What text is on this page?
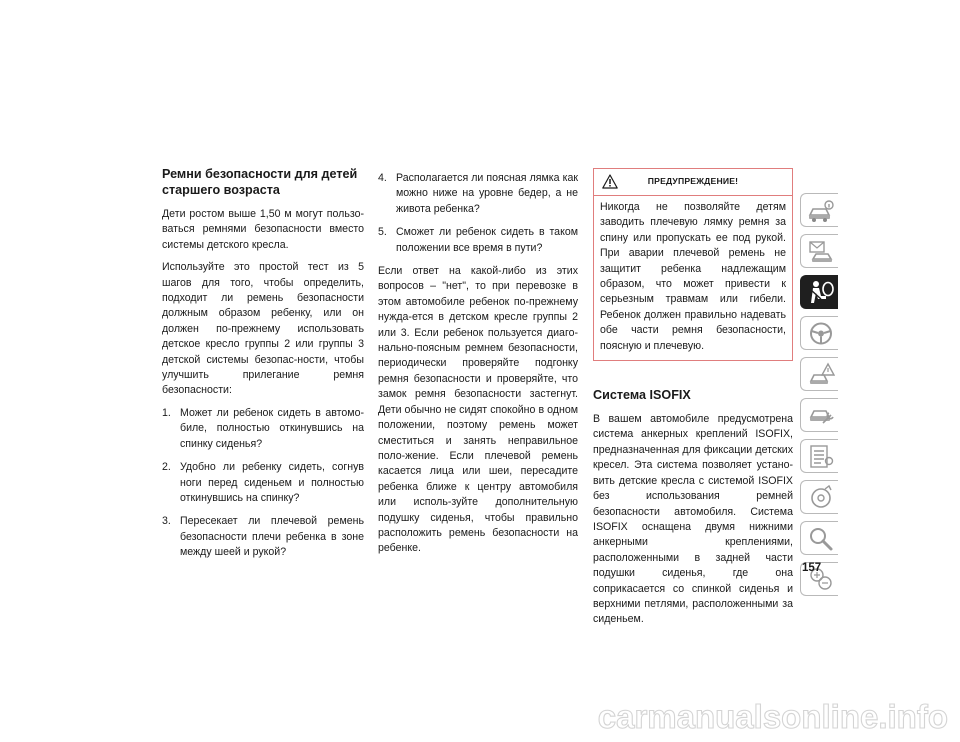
Ремни безопасности для детей старшего возраста

Дети ростом выше 1,50 м могут пользо-ваться ремнями безопасности вместо системы детского кресла.

Используйте это простой тест из 5 шагов для того, чтобы определить, подходит ли ремень безопасности должным образом ребенку, или он должен по-прежнему использовать детское кресло группы 2 или группы 3 детской системы безопас-ности, чтобы улучшить прилегание ремня безопасности:

1. Может ли ребенок сидеть в автомо-биле, полностью откинувшись на спинку сиденья?
2. Удобно ли ребенку сидеть, согнув ноги перед сиденьем и полностью откинувшись на спинку?
3. Пересекает ли плечевой ремень безопасности плечи ребенка в зоне между шеей и рукой?
4. Располагается ли поясная лямка как можно ниже на уровне бедер, а не живота ребенка?
5. Сможет ли ребенок сидеть в таком положении все время в пути?

Если ответ на какой-либо из этих вопросов – "нет", то при перевозке в этом автомобиле ребенок по-прежнему нужда-ется в детском кресле группы 2 или 3. Если ребенок пользуется диаго-нально-поясным ремнем безопасности, периодически проверяйте подгонку ремня безопасности и проверяйте, что замок ремня безопасности застегнут. Дети обычно не сидят спокойно в одном положении, поэтому ремень может сместиться и занять неправильное поло-жение. Если плечевой ремень касается лица или шеи, пересадите ребенка ближе к центру автомобиля или исполь-зуйте дополнительную подушку сиденья, чтобы правильно расположить ремень безопасности на ребенке.

ПРЕДУПРЕЖДЕНИЕ!
Никогда не позволяйте детям заводить плечевую лямку ремня за спину или пропускать ее под рукой. При аварии плечевой ремень не защитит ребенка надлежащим образом, что может привести к серьезным травмам или гибели. Ребенок должен правильно надевать обе части ремня безопасности, поясную и плечевую.
Система ISOFIX

В вашем автомобиле предусмотрена система анкерных креплений ISOFIX, предназначенная для фиксации детских кресел. Эта система позволяет устано-вить детские кресла с системой ISOFIX без использования ремней безопасности автомобиля. Система ISOFIX оснащена двумя нижними анкерными креплениями, расположенными в задней части подушки сиденья, где она соприкасается со спинкой сиденья и верхними петлями, расположенными за сиденьем.

157
carmanualsonline.info
